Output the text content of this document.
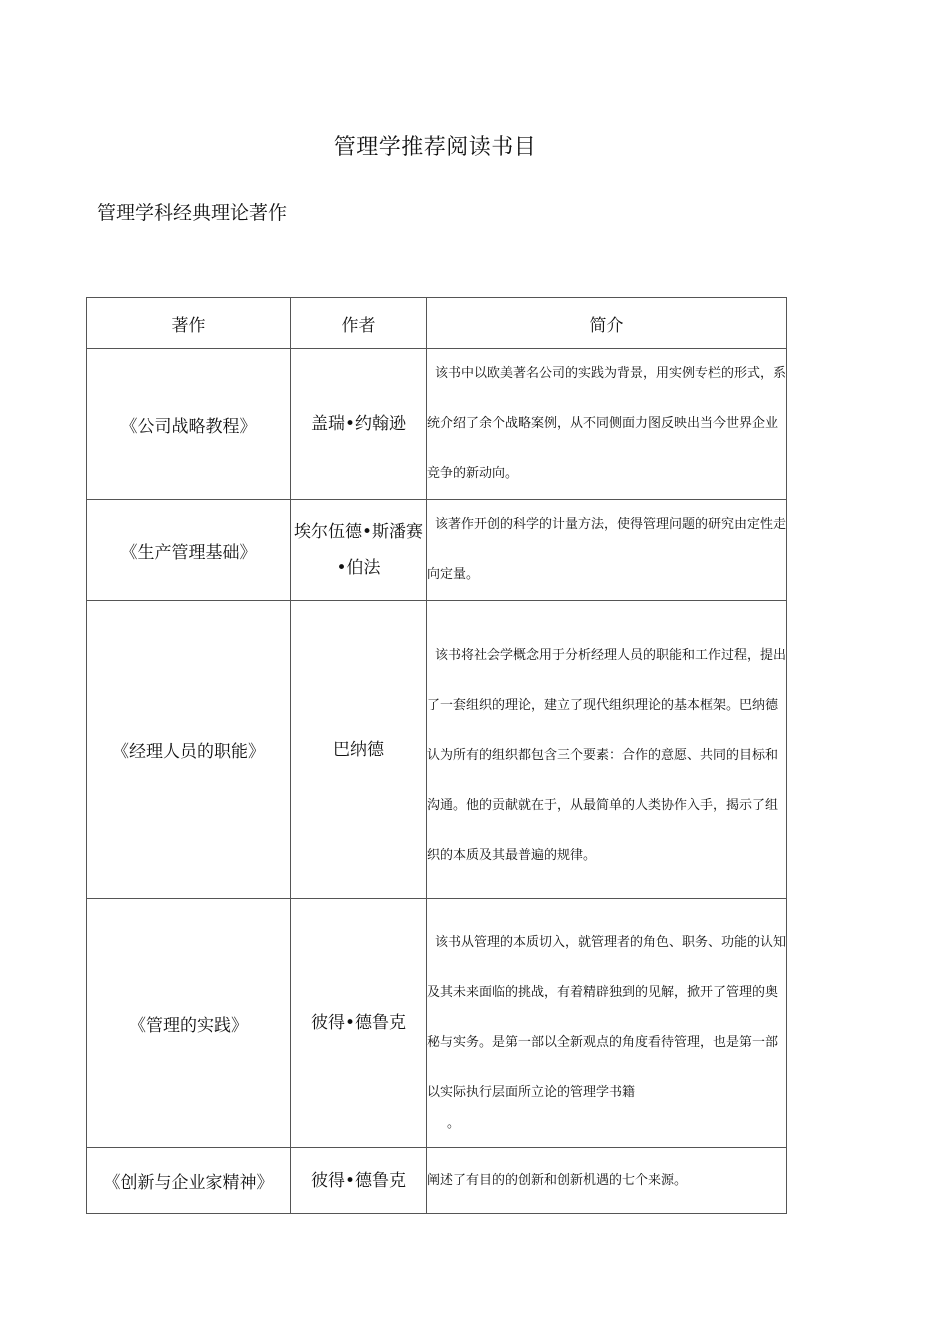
管理学推荐阅读书目
管理学科经典理论著作
著作	作者	简介
《公司战略教程》	盖瑞•约翰逊	该书中以欧美著名公司的实践为背景，用实例专栏的形式，系统介绍了余个战略案例，从不同侧面力图反映出当今世界企业竞争的新动向。
《生产管理基础》	埃尔伍德•斯潘赛•伯法	该著作开创的科学的计量方法，使得管理问题的研究由定性走向定量。
《经理人员的职能》	巴纳德	该书将社会学概念用于分析经理人员的职能和工作过程，提出了一套组织的理论，建立了现代组织理论的基本框架。巴纳德认为所有的组织都包含三个要素：合作的意愿、共同的目标和沟通。他的贡献就在于，从最简单的人类协作入手，揭示了组织的本质及其最普遍的规律。
《管理的实践》	彼得•德鲁克	该书从管理的本质切入，就管理者的角色、职务、功能的认知及其未来面临的挑战，有着精辟独到的见解，掀开了管理的奥秘与实务。是第一部以全新观点的角度看待管理，也是第一部以实际执行层面所立论的管理学书籍
。

《创新与企业家精神》	彼得•德鲁克	阐述了有目的的创新和创新机遇的七个来源。
